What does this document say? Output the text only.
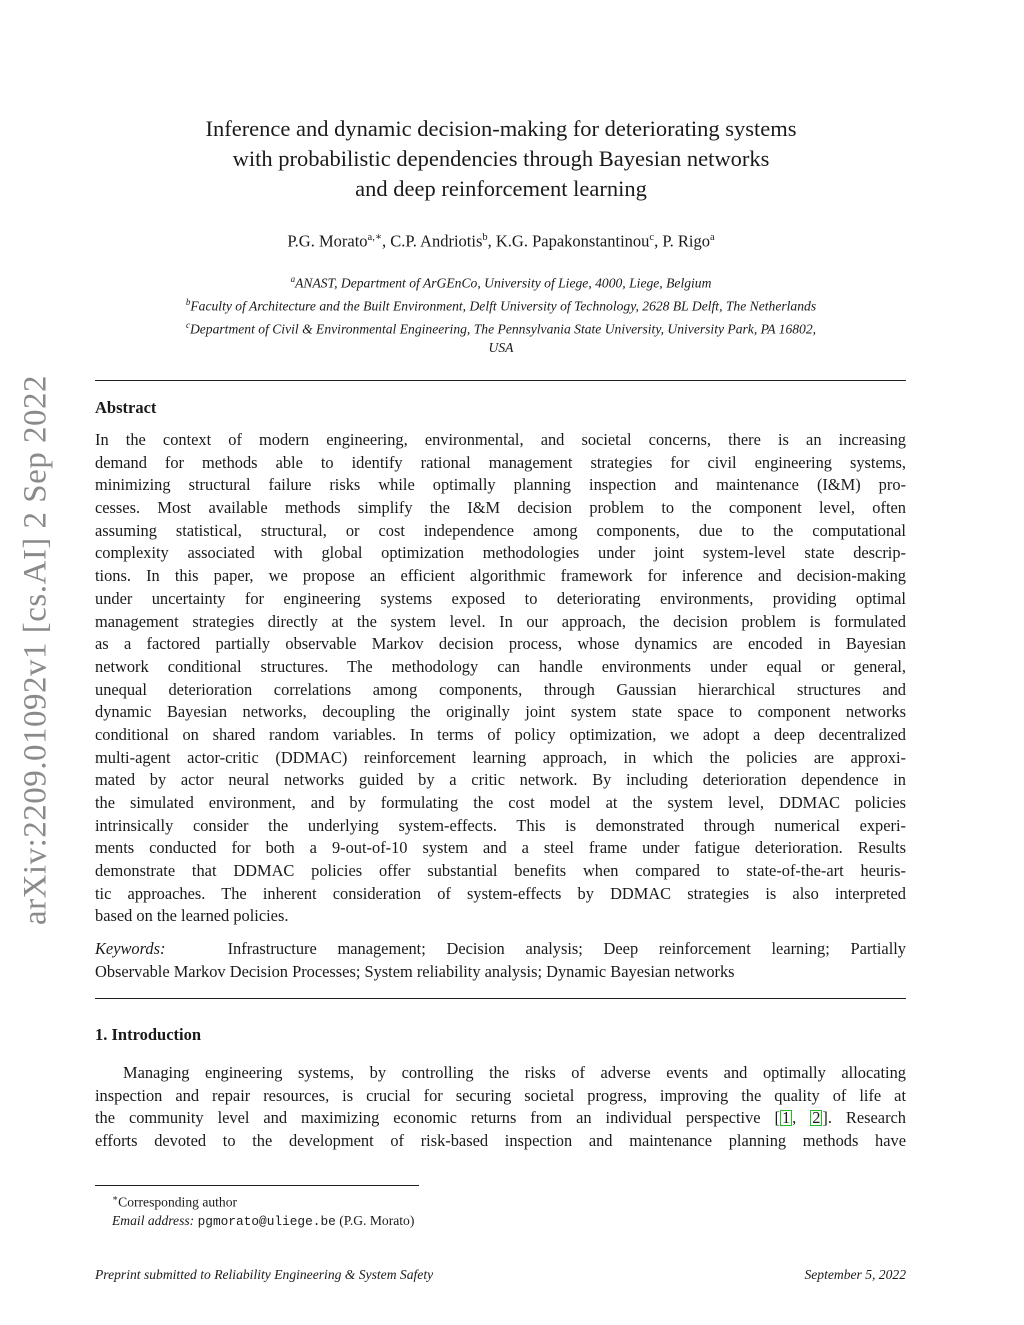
arXiv:2209.01092v1 [cs.AI] 2 Sep 2022
Inference and dynamic decision-making for deteriorating systems
with probabilistic dependencies through Bayesian networks
and deep reinforcement learning
P.G. Morato$^{a,∗}$, C.P. Andriotis$^b$, K.G. Papakonstantinou$^c$, P. Rigo$^a$
$^a$ANAST, Department of ArGEnCo, University of Liege, 4000, Liege, Belgium
$^b$Faculty of Architecture and the Built Environment, Delft University of Technology, 2628 BL Delft, The Netherlands
$^c$Department of Civil & Environmental Engineering, The Pennsylvania State University, University Park, PA 16802,
USA
Abstract
In the context of modern engineering, environmental, and societal concerns, there is an increasing
demand for methods able to identify rational management strategies for civil engineering systems,
minimizing structural failure risks while optimally planning inspection and maintenance (I&M) pro-
cesses. Most available methods simplify the I&M decision problem to the component level, often
assuming statistical, structural, or cost independence among components, due to the computational
complexity associated with global optimization methodologies under joint system-level state descrip-
tions. In this paper, we propose an efficient algorithmic framework for inference and decision-making
under uncertainty for engineering systems exposed to deteriorating environments, providing optimal
management strategies directly at the system level. In our approach, the decision problem is formulated
as a factored partially observable Markov decision process, whose dynamics are encoded in Bayesian
network conditional structures. The methodology can handle environments under equal or general,
unequal deterioration correlations among components, through Gaussian hierarchical structures and
dynamic Bayesian networks, decoupling the originally joint system state space to component networks
conditional on shared random variables. In terms of policy optimization, we adopt a deep decentralized
multi-agent actor-critic (DDMAC) reinforcement learning approach, in which the policies are approxi-
mated by actor neural networks guided by a critic network. By including deterioration dependence in
the simulated environment, and by formulating the cost model at the system level, DDMAC policies
intrinsically consider the underlying system-effects. This is demonstrated through numerical experi-
ments conducted for both a 9-out-of-10 system and a steel frame under fatigue deterioration. Results
demonstrate that DDMAC policies offer substantial benefits when compared to state-of-the-art heuris-
tic approaches. The inherent consideration of system-effects by DDMAC strategies is also interpreted
based on the learned policies.
Keywords:	Infrastructure management; Decision analysis; Deep reinforcement learning; Partially
Observable Markov Decision Processes; System reliability analysis; Dynamic Bayesian networks
1. Introduction
Managing engineering systems, by controlling the risks of adverse events and optimally allocating
inspection and repair resources, is crucial for securing societal progress, improving the quality of life at
the community level and maximizing economic returns from an individual perspective [ 1 , 2 ]. Research
efforts devoted to the development of risk-based inspection and maintenance planning methods have
∗Corresponding author
Email address: pgmorato@uliege.be (P.G. Morato)
Preprint submitted to Reliability Engineering & System Safety	September 5, 2022
